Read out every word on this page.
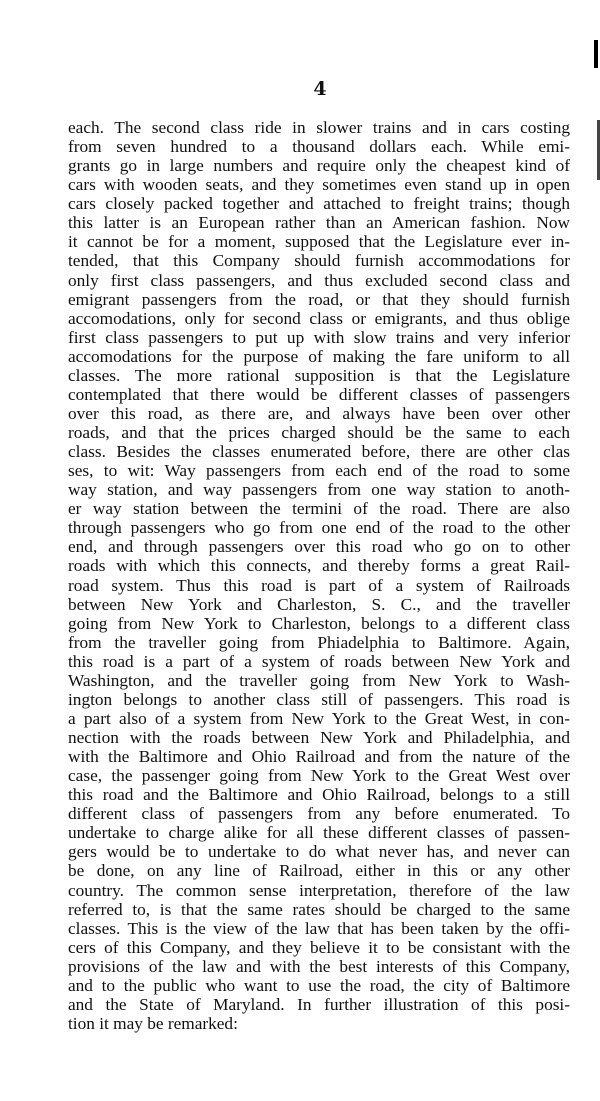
4
each. The second class ride in slower trains and in cars costing
from seven hundred to a thousand dollars each. While emi-
grants go in large numbers and require only the cheapest kind of
cars with wooden seats, and they sometimes even stand up in open
cars closely packed together and attached to freight trains; though
this latter is an European rather than an American fashion. Now
it cannot be for a moment, supposed that the Legislature ever in-
tended, that this Company should furnish accommodations for
only first class passengers, and thus excluded second class and
emigrant passengers from the road, or that they should furnish
accomodations, only for second class or emigrants, and thus oblige
first class passengers to put up with slow trains and very inferior
accomodations for the purpose of making the fare uniform to all
classes. The more rational supposition is that the Legislature
contemplated that there would be different classes of passengers
over this road, as there are, and always have been over other
roads, and that the prices charged should be the same to each
class. Besides the classes enumerated before, there are other clas
ses, to wit: Way passengers from each end of the road to some
way station, and way passengers from one way station to anoth-
er way station between the termini of the road. There are also
through passengers who go from one end of the road to the other
end, and through passengers over this road who go on to other
roads with which this connects, and thereby forms a great Rail-
road system. Thus this road is part of a system of Railroads
between New York and Charleston, S. C., and the traveller
going from New York to Charleston, belongs to a different class
from the traveller going from Phiadelphia to Baltimore. Again,
this road is a part of a system of roads between New York and
Washington, and the traveller going from New York to Wash-
ington belongs to another class still of passengers. This road is
a part also of a system from New York to the Great West, in con-
nection with the roads between New York and Philadelphia, and
with the Baltimore and Ohio Railroad and from the nature of the
case, the passenger going from New York to the Great West over
this road and the Baltimore and Ohio Railroad, belongs to a still
different class of passengers from any before enumerated. To
undertake to charge alike for all these different classes of passen-
gers would be to undertake to do what never has, and never can
be done, on any line of Railroad, either in this or any other
country. The common sense interpretation, therefore of the law
referred to, is that the same rates should be charged to the same
classes. This is the view of the law that has been taken by the offi-
cers of this Company, and they believe it to be consistant with the
provisions of the law and with the best interests of this Company,
and to the public who want to use the road, the city of Baltimore
and the State of Maryland. In further illustration of this posi-
tion it may be remarked:
